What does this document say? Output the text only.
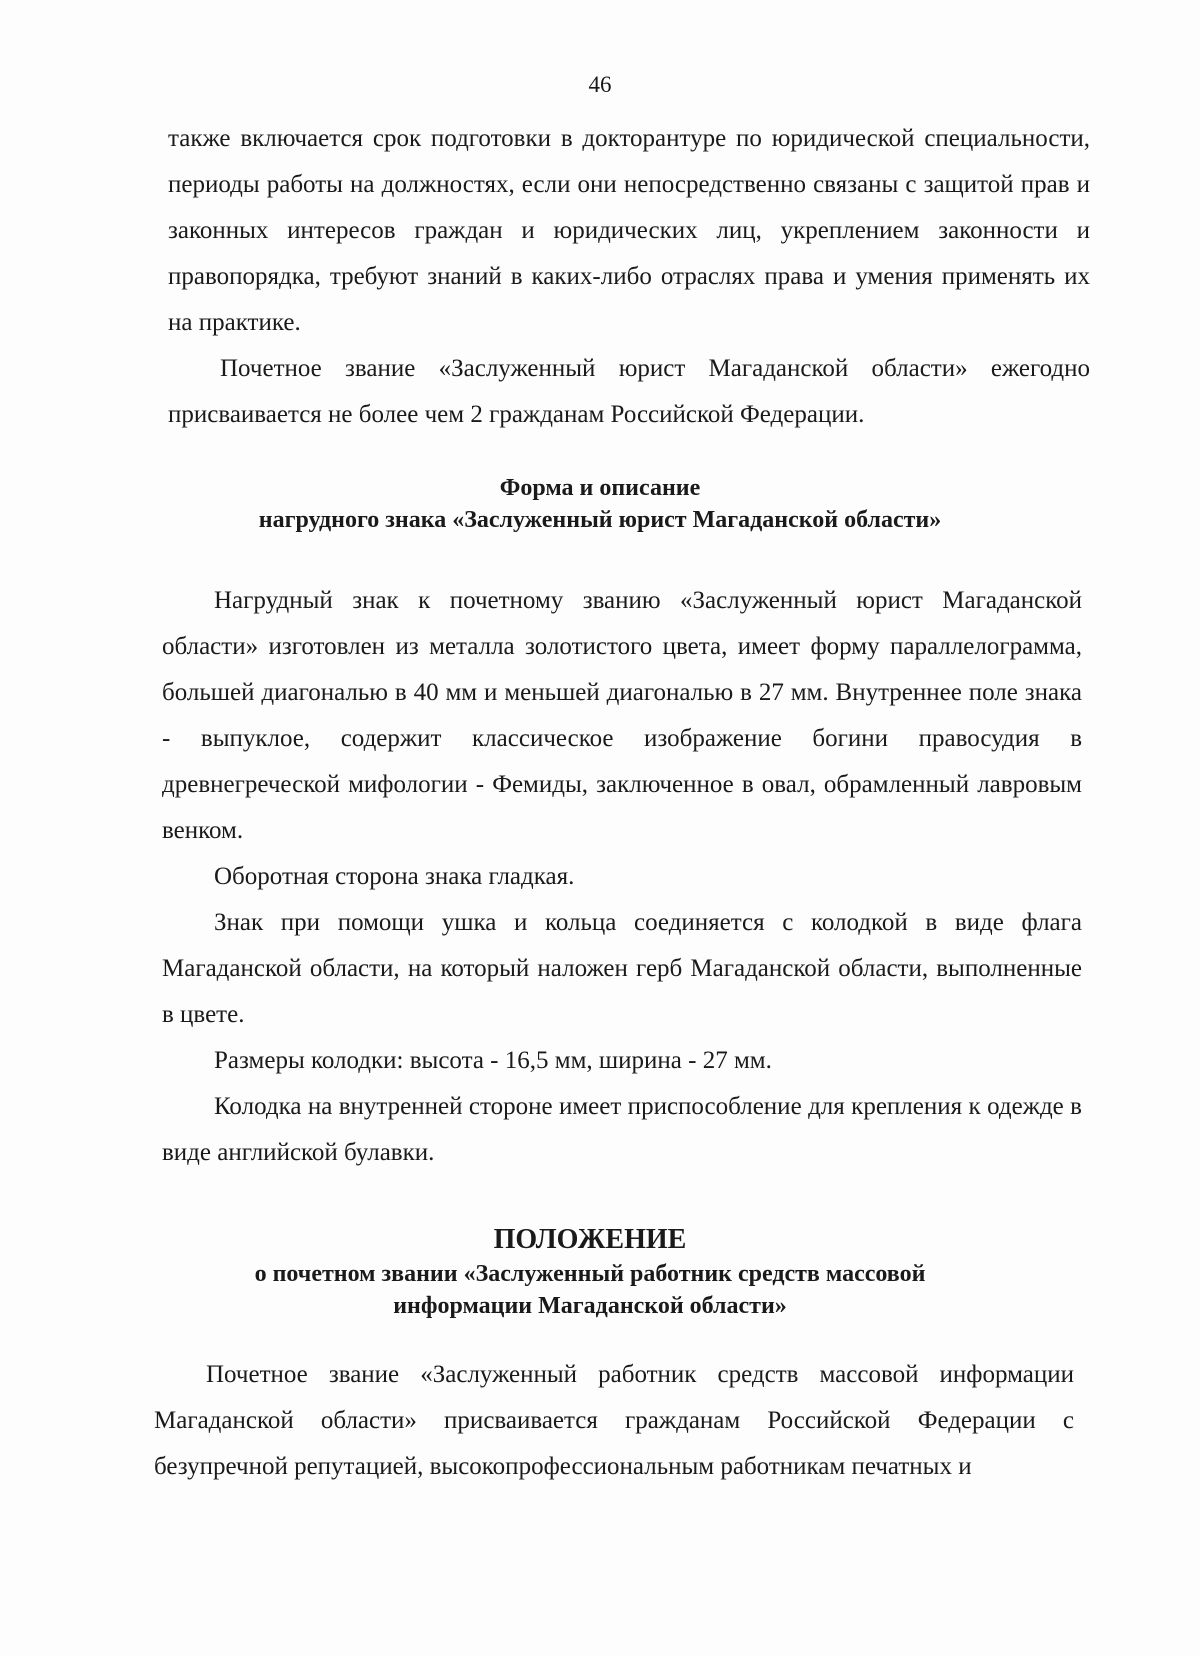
46

также включается срок подготовки в докторантуре по юридической специальности, периоды работы на должностях, если они непосредственно связаны с защитой прав и законных интересов граждан и юридических лиц, укреплением законности и правопорядка, требуют знаний в каких-либо отраслях права и умения применять их на практике.

Почетное звание «Заслуженный юрист Магаданской области» ежегодно присваивается не более чем 2 гражданам Российской Федерации.

Форма и описание

нагрудного знака «Заслуженный юрист Магаданской области»

Нагрудный знак к почетному званию «Заслуженный юрист Магаданской области» изготовлен из металла золотистого цвета, имеет форму параллелограмма, большей диагональю в 40 мм и меньшей диагональю в 27 мм. Внутреннее поле знака - выпуклое, содержит классическое изображение богини правосудия в древнегреческой мифологии - Фемиды, заключенное в овал, обрамленный лавровым венком.

Оборотная сторона знака гладкая.

Знак при помощи ушка и кольца соединяется с колодкой в виде флага Магаданской области, на который наложен герб Магаданской области, выполненные в цвете.

Размеры колодки: высота - 16,5 мм, ширина - 27 мм.

Колодка на внутренней стороне имеет приспособление для крепления к одежде в виде английской булавки.

ПОЛОЖЕНИЕ

о почетном звании «Заслуженный работник средств массовой

информации Магаданской области»

Почетное звание «Заслуженный работник средств массовой информации Магаданской области» присваивается гражданам Российской Федерации с безупречной репутацией, высокопрофессиональным работникам печатных и
